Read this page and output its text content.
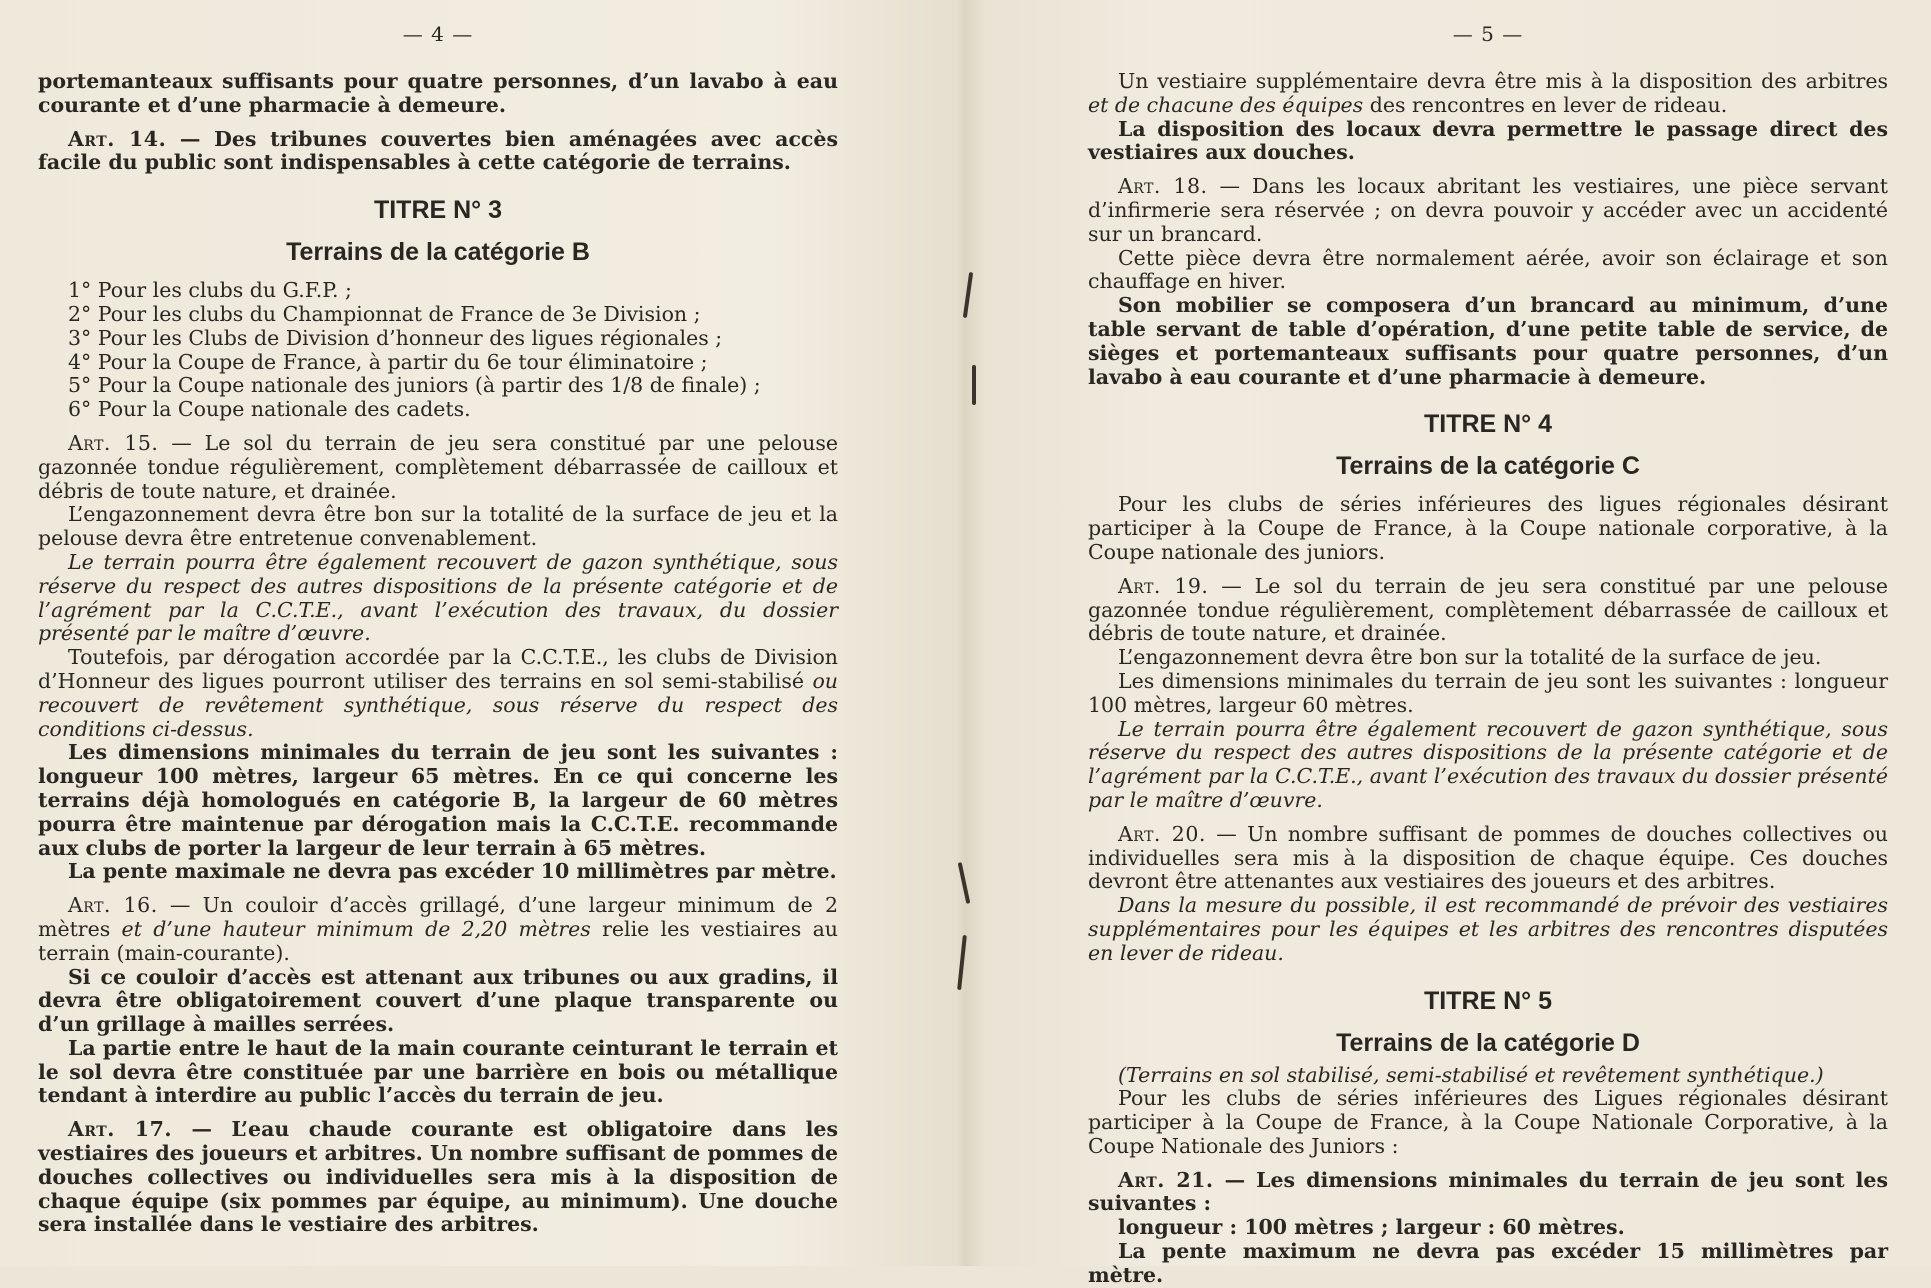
— 4 —

portemanteaux suffisants pour quatre personnes, d’un lavabo à eau courante et d’une pharmacie à demeure.

Art. 14. — Des tribunes couvertes bien aménagées avec accès facile du public sont indispensables à cette catégorie de terrains.

TITRE N° 3
Terrains de la catégorie B
1° Pour les clubs du G.F.P. ;
2° Pour les clubs du Championnat de France de 3e Division ;
3° Pour les Clubs de Division d’honneur des ligues régionales ;
4° Pour la Coupe de France, à partir du 6e tour éliminatoire ;
5° Pour la Coupe nationale des juniors (à partir des 1/8 de finale) ;
6° Pour la Coupe nationale des cadets.

Art. 15. — Le sol du terrain de jeu sera constitué par une pelouse gazonnée tondue régulièrement, complètement débarrassée de cailloux et débris de toute nature, et drainée.

L’engazonnement devra être bon sur la totalité de la surface de jeu et la pelouse devra être entretenue convenablement.

Le terrain pourra être également recouvert de gazon synthétique, sous réserve du respect des autres dispositions de la présente catégorie et de l’agrément par la C.C.T.E., avant l’exécution des travaux, du dossier présenté par le maître d’œuvre.

Toutefois, par dérogation accordée par la C.C.T.E., les clubs de Division d’Honneur des ligues pourront utiliser des terrains en sol semi-stabilisé ou recouvert de revêtement synthétique, sous réserve du respect des conditions ci-dessus.

Les dimensions minimales du terrain de jeu sont les suivantes : longueur 100 mètres, largeur 65 mètres. En ce qui concerne les terrains déjà homologués en catégorie B, la largeur de 60 mètres pourra être maintenue par dérogation mais la C.C.T.E. recommande aux clubs de porter la largeur de leur terrain à 65 mètres.

La pente maximale ne devra pas excéder 10 millimètres par mètre.

Art. 16. — Un couloir d’accès grillagé, d’une largeur minimum de 2 mètres et d’une hauteur minimum de 2,20 mètres relie les vestiaires au terrain (main-courante).

Si ce couloir d’accès est attenant aux tribunes ou aux gradins, il devra être obligatoirement couvert d’une plaque transparente ou d’un grillage à mailles serrées.

La partie entre le haut de la main courante ceinturant le terrain et le sol devra être constituée par une barrière en bois ou métallique tendant à interdire au public l’accès du terrain de jeu.

Art. 17. — L’eau chaude courante est obligatoire dans les vestiaires des joueurs et arbitres. Un nombre suffisant de pommes de douches collectives ou individuelles sera mis à la disposition de chaque équipe (six pommes par équipe, au minimum). Une douche sera installée dans le vestiaire des arbitres.

— 5 —

Un vestiaire supplémentaire devra être mis à la disposition des arbitres et de chacune des équipes des rencontres en lever de rideau.

La disposition des locaux devra permettre le passage direct des vestiaires aux douches.

Art. 18. — Dans les locaux abritant les vestiaires, une pièce servant d’infirmerie sera réservée ; on devra pouvoir y accéder avec un accidenté sur un brancard.

Cette pièce devra être normalement aérée, avoir son éclairage et son chauffage en hiver.

Son mobilier se composera d’un brancard au minimum, d’une table servant de table d’opération, d’une petite table de service, de sièges et portemanteaux suffisants pour quatre personnes, d’un lavabo à eau courante et d’une pharmacie à demeure.

TITRE N° 4
Terrains de la catégorie C

Pour les clubs de séries inférieures des ligues régionales désirant participer à la Coupe de France, à la Coupe nationale corporative, à la Coupe nationale des juniors.

Art. 19. — Le sol du terrain de jeu sera constitué par une pelouse gazonnée tondue régulièrement, complètement débarrassée de cailloux et débris de toute nature, et drainée.

L’engazonnement devra être bon sur la totalité de la surface de jeu.

Les dimensions minimales du terrain de jeu sont les suivantes : longueur 100 mètres, largeur 60 mètres.

Le terrain pourra être également recouvert de gazon synthétique, sous réserve du respect des autres dispositions de la présente catégorie et de l’agrément par la C.C.T.E., avant l’exécution des travaux du dossier présenté par le maître d’œuvre.

Art. 20. — Un nombre suffisant de pommes de douches collectives ou individuelles sera mis à la disposition de chaque équipe. Ces douches devront être attenantes aux vestiaires des joueurs et des arbitres.

Dans la mesure du possible, il est recommandé de prévoir des vestiaires supplémentaires pour les équipes et les arbitres des rencontres disputées en lever de rideau.

TITRE N° 5
Terrains de la catégorie D

(Terrains en sol stabilisé, semi-stabilisé et revêtement synthétique.)

Pour les clubs de séries inférieures des Ligues régionales désirant participer à la Coupe de France, à la Coupe Nationale Corporative, à la Coupe Nationale des Juniors :

Art. 21. — Les dimensions minimales du terrain de jeu sont les suivantes :

longueur : 100 mètres ; largeur : 60 mètres.

La pente maximum ne devra pas excéder 15 millimètres par mètre.
